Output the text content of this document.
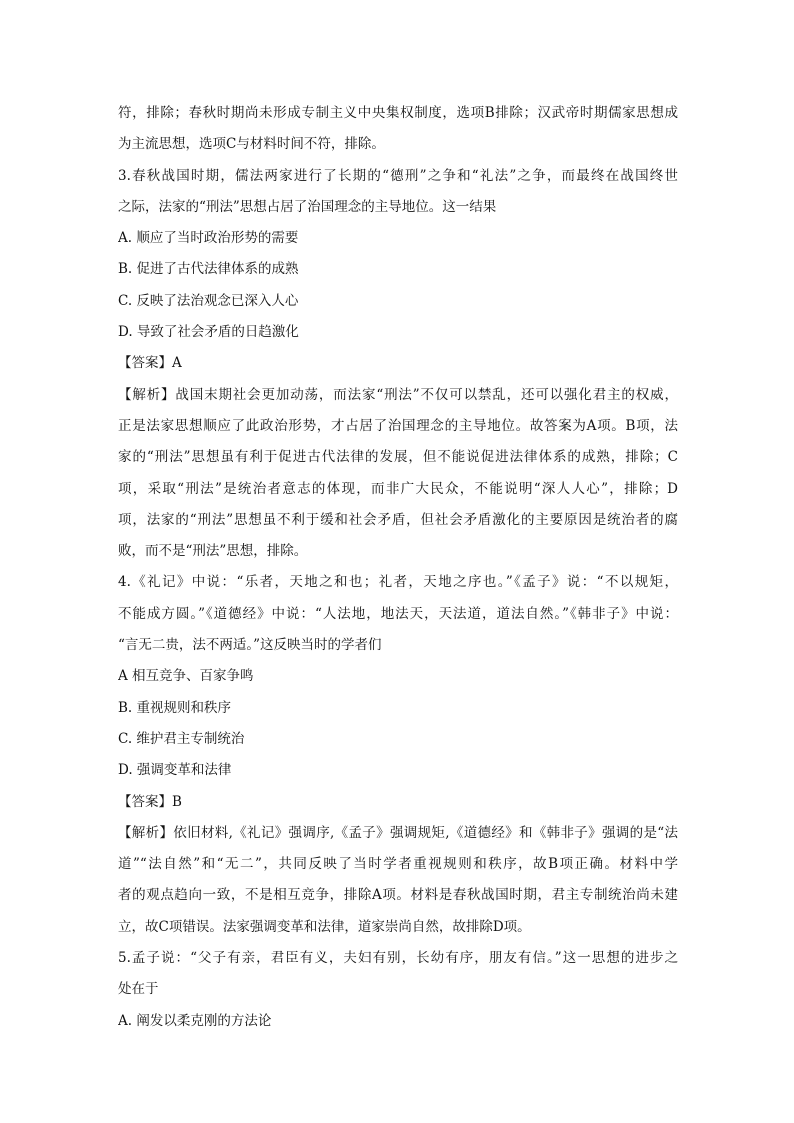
符，排除；春秋时期尚未形成专制主义中央集权制度，选项B排除；汉武帝时期儒家思想成
为主流思想，选项C与材料时间不符，排除。
3.春秋战国时期，儒法两家进行了长期的“德刑”之争和“礼法”之争，而最终在战国终世
之际，法家的“刑法”思想占居了治国理念的主导地位。这一结果
A. 顺应了当时政治形势的需要
B. 促进了古代法律体系的成熟
C. 反映了法治观念已深入人心
D. 导致了社会矛盾的日趋激化
【答案】A
【解析】战国末期社会更加动荡，而法家“刑法”不仅可以禁乱，还可以强化君主的权威，
正是法家思想顺应了此政治形势，才占居了治国理念的主导地位。故答案为A项。B项，法
家的“刑法”思想虽有利于促进古代法律的发展，但不能说促进法律体系的成熟，排除；C
项，采取“刑法”是统治者意志的体现，而非广大民众，不能说明“深人人心”，排除；D
项，法家的“刑法”思想虽不利于缓和社会矛盾，但社会矛盾激化的主要原因是统治者的腐
败，而不是“刑法”思想，排除。
4.《礼记》中说：“乐者，天地之和也；礼者，天地之序也。”《孟子》说：“不以规矩，
不能成方圆。”《道德经》中说：“人法地，地法天，天法道，道法自然。”《韩非子》中说：
“言无二贵，法不两适。”这反映当时的学者们
A 相互竞争、百家争鸣
B. 重视规则和秩序
C. 维护君主专制统治
D. 强调变革和法律
【答案】B
【解析】依旧材料,《礼记》强调序,《孟子》强调规矩,《道德经》和《韩非子》强调的是“法
道”“法自然”和“无二”，共同反映了当时学者重视规则和秩序，故B项正确。材料中学
者的观点趋向一致，不是相互竞争，排除A项。材料是春秋战国时期，君主专制统治尚未建
立，故C项错误。法家强调变革和法律，道家崇尚自然，故排除D项。
5.孟子说：“父子有亲，君臣有义，夫妇有别，长幼有序，朋友有信。”这一思想的进步之
处在于
A. 阐发以柔克刚的方法论
